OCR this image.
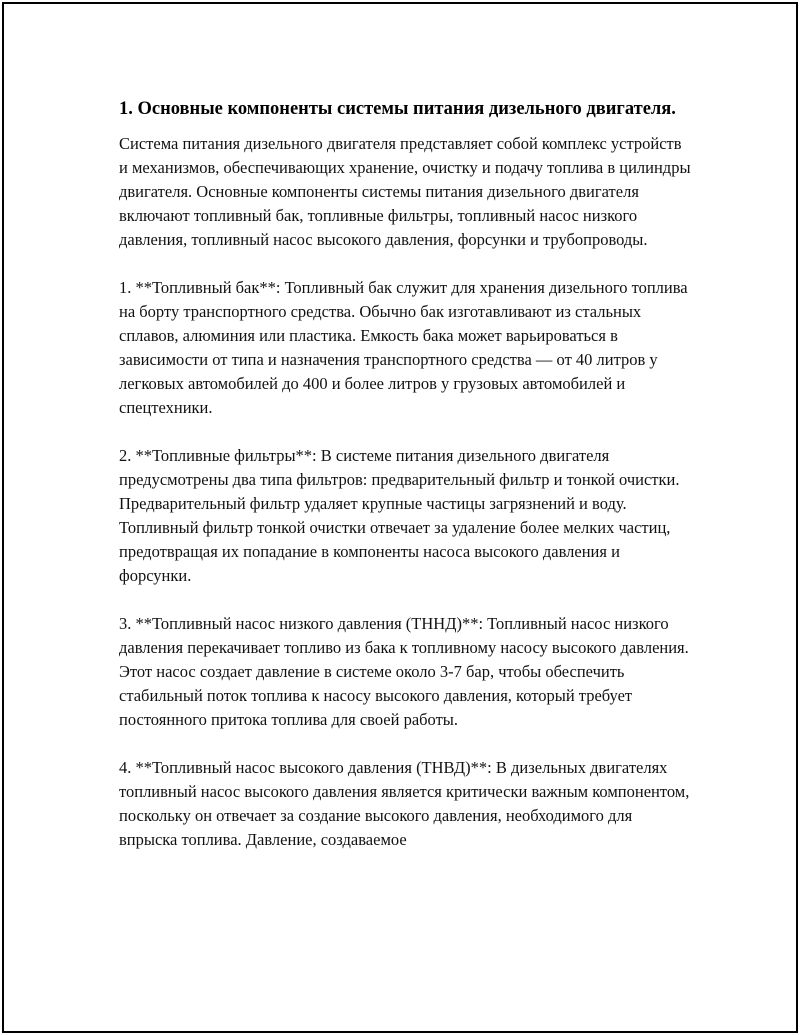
1. Основные компоненты системы питания дизельного двигателя.

Система питания дизельного двигателя представляет собой комплекс устройств и механизмов, обеспечивающих хранение, очистку и подачу топлива в цилиндры двигателя. Основные компоненты системы питания дизельного двигателя включают топливный бак, топливные фильтры, топливный насос низкого давления, топливный насос высокого давления, форсунки и трубопроводы.

1. **Топливный бак**: Топливный бак служит для хранения дизельного топлива на борту транспортного средства. Обычно бак изготавливают из стальных сплавов, алюминия или пластика. Емкость бака может варьироваться в зависимости от типа и назначения транспортного средства — от 40 литров у легковых автомобилей до 400 и более литров у грузовых автомобилей и спецтехники.

2. **Топливные фильтры**: В системе питания дизельного двигателя предусмотрены два типа фильтров: предварительный фильтр и тонкой очистки. Предварительный фильтр удаляет крупные частицы загрязнений и воду. Топливный фильтр тонкой очистки отвечает за удаление более мелких частиц, предотвращая их попадание в компоненты насоса высокого давления и форсунки.

3. **Топливный насос низкого давления (ТННД)**: Топливный насос низкого давления перекачивает топливо из бака к топливному насосу высокого давления. Этот насос создает давление в системе около 3-7 бар, чтобы обеспечить стабильный поток топлива к насосу высокого давления, который требует постоянного притока топлива для своей работы.

4. **Топливный насос высокого давления (ТНВД)**: В дизельных двигателях топливный насос высокого давления является критически важным компонентом, поскольку он отвечает за создание высокого давления, необходимого для впрыска топлива. Давление, создаваемое
